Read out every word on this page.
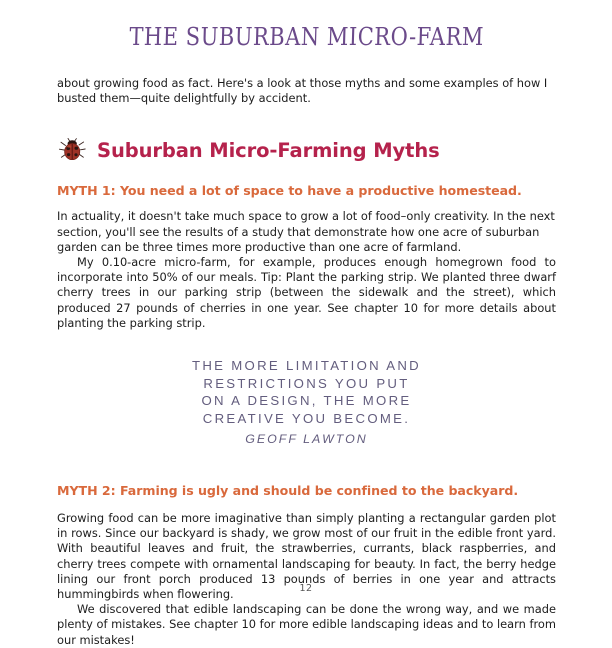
THE SUBURBAN MICRO-FARM

about growing food as fact. Here's a look at those myths and some examples of how I busted them—quite delightfully by accident.

Suburban Micro-Farming Myths

MYTH 1: You need a lot of space to have a productive homestead.

In actuality, it doesn't take much space to grow a lot of food–only creativity. In the next section, you'll see the results of a study that demonstrate how one acre of suburban garden can be three times more productive than one acre of farmland.

My 0.10-acre micro-farm, for example, produces enough homegrown food to incorporate into 50% of our meals. Tip: Plant the parking strip. We planted three dwarf cherry trees in our parking strip (between the sidewalk and the street), which produced 27 pounds of cherries in one year. See chapter 10 for more details about planting the parking strip.

THE MORE LIMITATION AND
RESTRICTIONS YOU PUT
ON A DESIGN, THE MORE
CREATIVE YOU BECOME.
GEOFF LAWTON

MYTH 2: Farming is ugly and should be confined to the backyard.

Growing food can be more imaginative than simply planting a rectangular garden plot in rows. Since our backyard is shady, we grow most of our fruit in the edible front yard. With beautiful leaves and fruit, the strawberries, currants, black raspberries, and cherry trees compete with ornamental landscaping for beauty. In fact, the berry hedge lining our front porch produced 13 pounds of berries in one year and attracts hummingbirds when flowering.

We discovered that edible landscaping can be done the wrong way, and we made plenty of mistakes. See chapter 10 for more edible landscaping ideas and to learn from our mistakes!

12
